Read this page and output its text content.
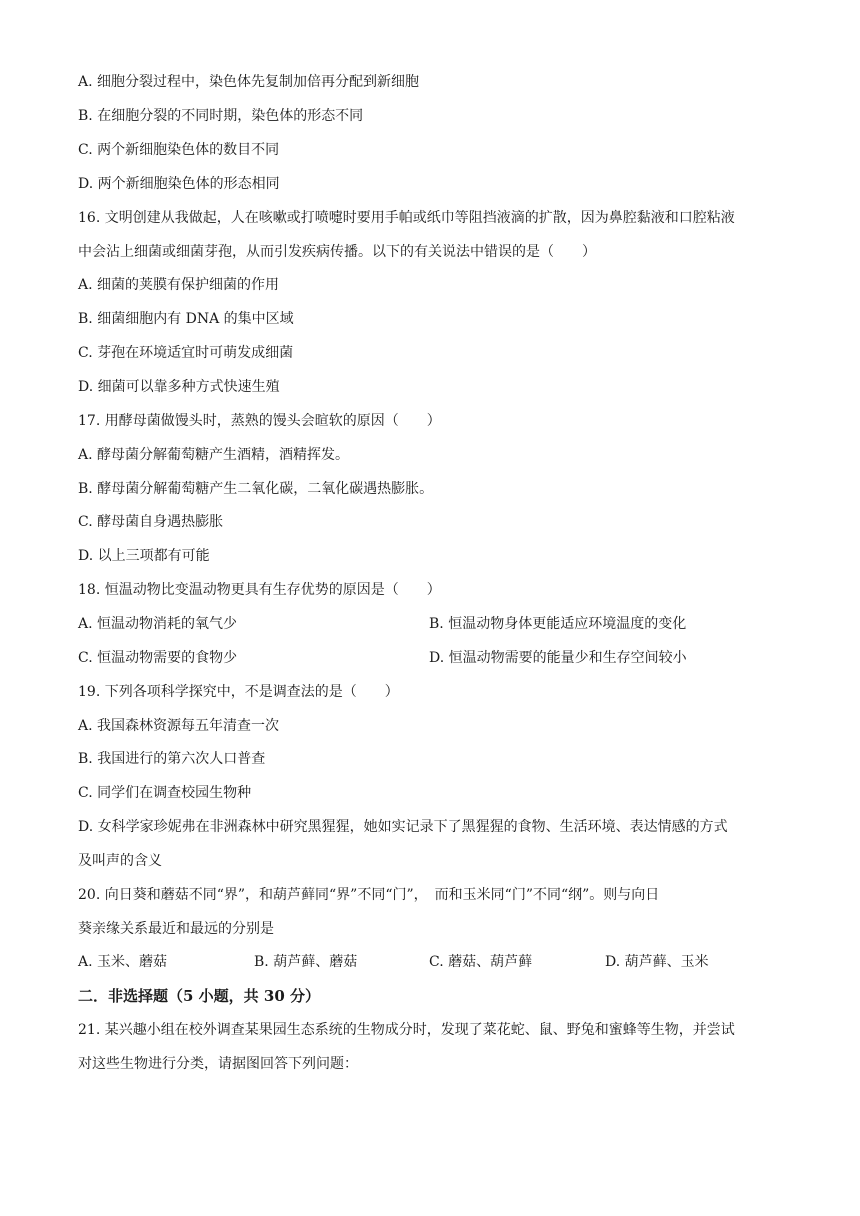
A. 细胞分裂过程中，染色体先复制加倍再分配到新细胞
B. 在细胞分裂的不同时期，染色体的形态不同
C. 两个新细胞染色体的数目不同
D. 两个新细胞染色体的形态相同
16. 文明创建从我做起，人在咳嗽或打喷嚏时要用手帕或纸巾等阻挡液滴的扩散，因为鼻腔黏液和口腔粘液
中会沾上细菌或细菌芽孢，从而引发疾病传播。以下的有关说法中错误的是（　　）
A. 细菌的荚膜有保护细菌的作用
B. 细菌细胞内有 DNA 的集中区域
C. 芽孢在环境适宜时可萌发成细菌
D. 细菌可以靠多种方式快速生殖
17. 用酵母菌做馒头时，蒸熟的馒头会暄软的原因（　　）
A. 酵母菌分解葡萄糖产生酒精，酒精挥发。
B. 酵母菌分解葡萄糖产生二氧化碳，二氧化碳遇热膨胀。
C. 酵母菌自身遇热膨胀
D. 以上三项都有可能
18. 恒温动物比变温动物更具有生存优势的原因是（　　）
A. 恒温动物消耗的氧气少	B. 恒温动物身体更能适应环境温度的变化
C. 恒温动物需要的食物少	D. 恒温动物需要的能量少和生存空间较小
19. 下列各项科学探究中，不是调查法的是（　　）
A. 我国森林资源每五年清查一次
B. 我国进行的第六次人口普查
C. 同学们在调查校园生物种
D. 女科学家珍妮弗在非洲森林中研究黑猩猩，她如实记录下了黑猩猩的食物、生活环境、表达情感的方式
及叫声的含义
20. 向日葵和蘑菇不同“界”，和葫芦藓同“界”不同“门”，　而和玉米同“门”不同“纲”。则与向日
葵亲缘关系最近和最远的分别是
A. 玉米、蘑菇	B. 葫芦藓、蘑菇	C. 蘑菇、葫芦藓	D. 葫芦藓、玉米
二．非选择题（5 小题，共 30 分）
21. 某兴趣小组在校外调查某果园生态系统的生物成分时，发现了菜花蛇、鼠、野兔和蜜蜂等生物，并尝试
对这些生物进行分类，请据图回答下列问题：
